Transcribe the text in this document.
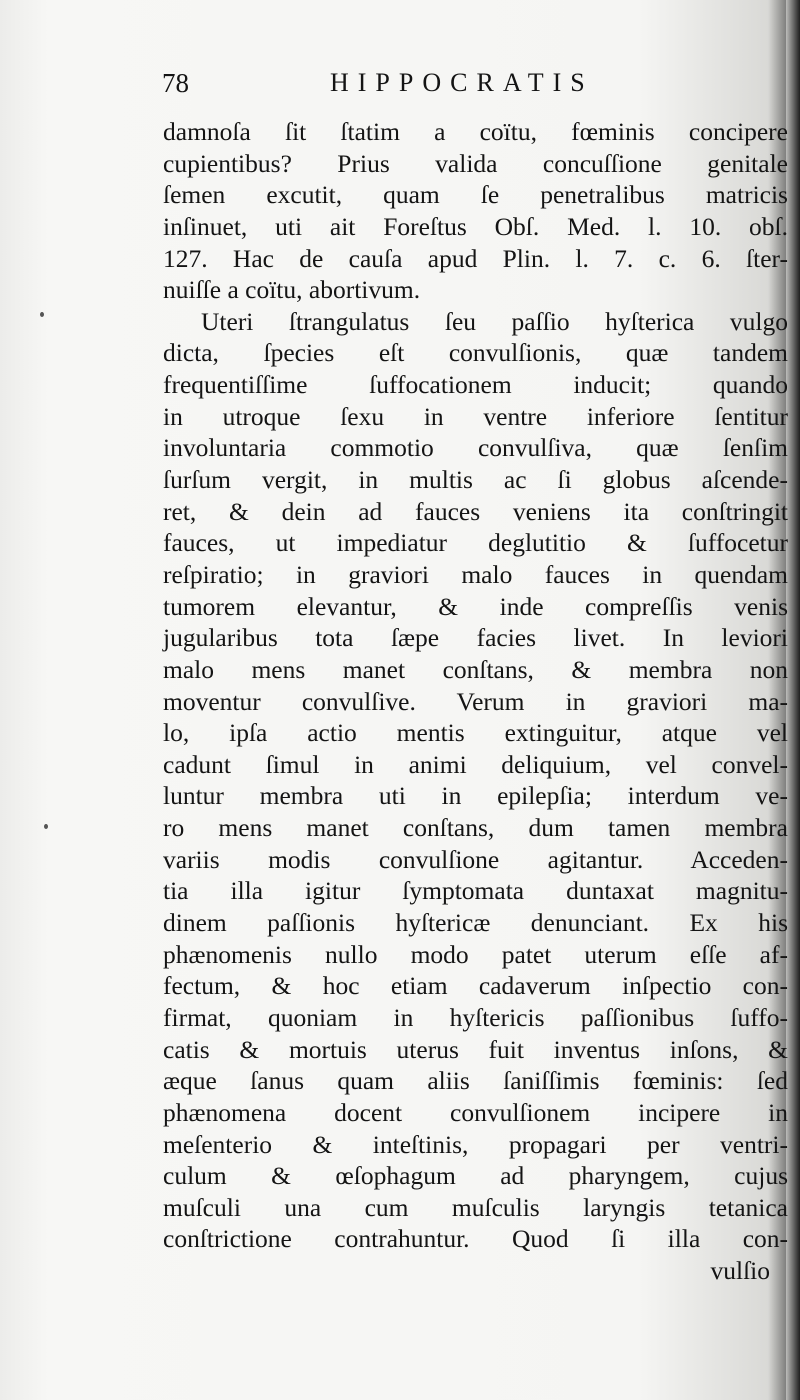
78	HIPPOCRATIS
damnoſa ſit ſtatim a coïtu, fœminis concipere
cupientibus? Prius valida concuſſione genitale
ſemen excutit, quam ſe penetralibus matricis
inſinuet, uti ait Foreſtus Obſ. Med. l. 10. obſ.
127. Hac de cauſa apud Plin. l. 7. c. 6. ſter-
nuiſſe a coïtu, abortivum.
Uteri ſtrangulatus ſeu paſſio hyſterica vulgo
dicta, ſpecies eſt convulſionis, quæ tandem
frequentiſſime ſuffocationem inducit; quando
in utroque ſexu in ventre inferiore ſentitur
involuntaria commotio convulſiva, quæ ſenſim
ſurſum vergit, in multis ac ſi globus aſcende-
ret, & dein ad fauces veniens ita conſtringit
fauces, ut impediatur deglutitio & ſuffocetur
reſpiratio; in graviori malo fauces in quendam
tumorem elevantur, & inde compreſſis venis
jugularibus tota ſæpe facies livet. In leviori
malo mens manet conſtans, & membra non
moventur convulſive. Verum in graviori ma-
lo, ipſa actio mentis extinguitur, atque vel
cadunt ſimul in animi deliquium, vel convel-
luntur membra uti in epilepſia; interdum ve-
ro mens manet conſtans, dum tamen membra
variis modis convulſione agitantur. Acceden-
tia illa igitur ſymptomata duntaxat magnitu-
dinem paſſionis hyſtericæ denunciant. Ex his
phænomenis nullo modo patet uterum eſſe af-
fectum, & hoc etiam cadaverum inſpectio con-
firmat, quoniam in hyſtericis paſſionibus ſuffo-
catis & mortuis uterus fuit inventus inſons, &
æque ſanus quam aliis ſaniſſimis fœminis: ſed
phænomena docent convulſionem incipere in
meſenterio & inteſtinis, propagari per ventri-
culum & œſophagum ad pharyngem, cujus
muſculi una cum muſculis laryngis tetanica
conſtrictione contrahuntur. Quod ſi illa con-
vulſio
